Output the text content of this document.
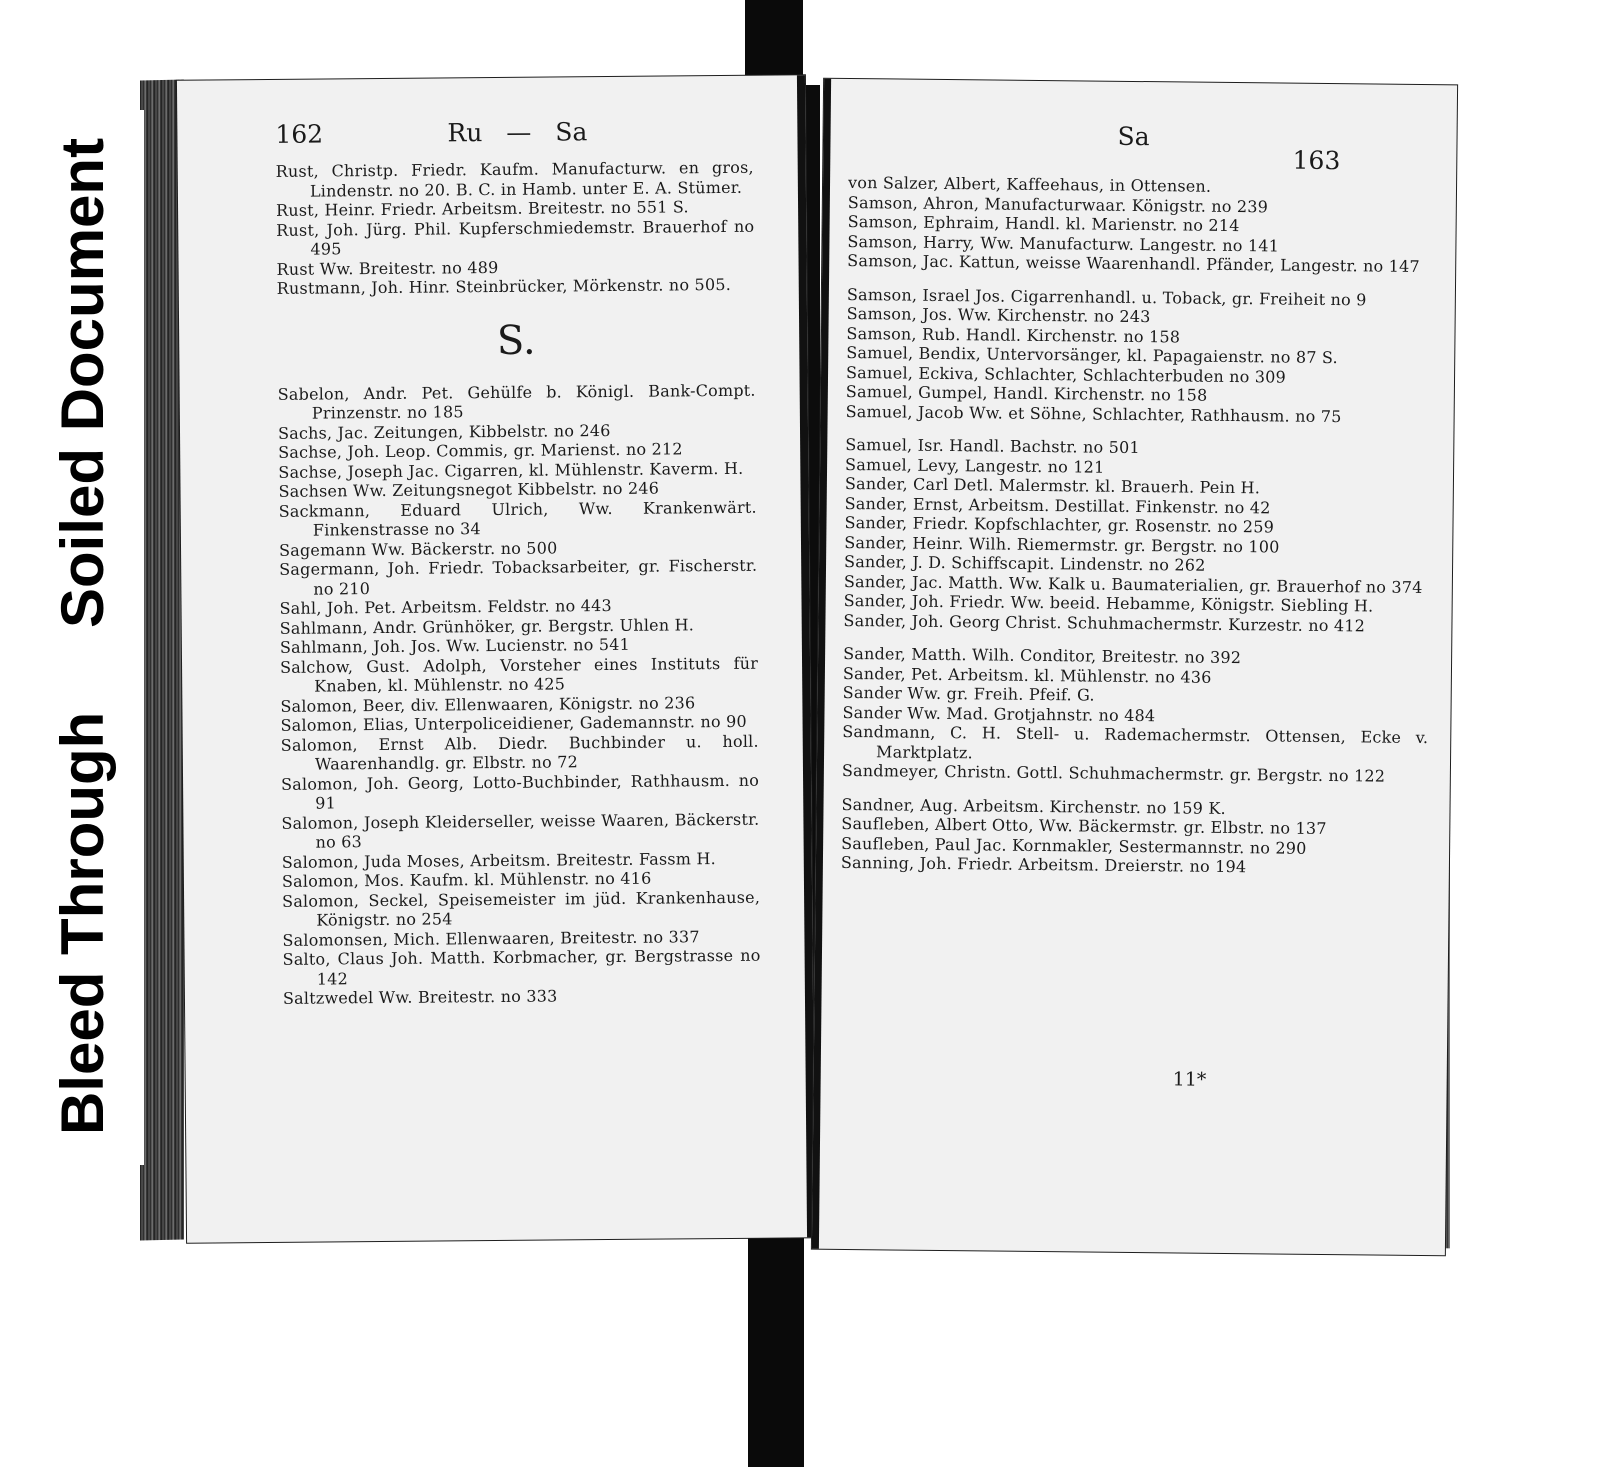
162	Ru — Sa

Rust, Christp. Friedr. Kaufm. Manufacturw. en gros, Lindenstr. no 20. B. C. in Hamb. unter E. A. Stümer.

Rust, Heinr. Friedr. Arbeitsm. Breitestr. no 551 S.

Rust, Joh. Jürg. Phil. Kupferschmiedemstr. Brauerhof no 495

Rust Ww. Breitestr. no 489

Rustmann, Joh. Hinr. Steinbrücker, Mörkenstr. no 505.

S.

Sabelon, Andr. Pet. Gehülfe b. Königl. Bank-Compt. Prinzenstr. no 185

Sachs, Jac. Zeitungen, Kibbelstr. no 246

Sachse, Joh. Leop. Commis, gr. Marienst. no 212

Sachse, Joseph Jac. Cigarren, kl. Mühlenstr. Kaverm. H.

Sachsen Ww. Zeitungsnegot Kibbelstr. no 246

Sackmann, Eduard Ulrich, Ww. Krankenwärt. Finkenstrasse no 34

Sagemann Ww. Bäckerstr. no 500

Sagermann, Joh. Friedr. Tobacksarbeiter, gr. Fischerstr. no 210

Sahl, Joh. Pet. Arbeitsm. Feldstr. no 443

Sahlmann, Andr. Grünhöker, gr. Bergstr. Uhlen H.

Sahlmann, Joh. Jos. Ww. Lucienstr. no 541

Salchow, Gust. Adolph, Vorsteher eines Instituts für Knaben, kl. Mühlenstr. no 425

Salomon, Beer, div. Ellenwaaren, Königstr. no 236

Salomon, Elias, Unterpoliceidiener, Gademannstr. no 90

Salomon, Ernst Alb. Diedr. Buchbinder u. holl. Waarenhandlg. gr. Elbstr. no 72

Salomon, Joh. Georg, Lotto-Buchbinder, Rathhausm. no 91

Salomon, Joseph Kleiderseller, weisse Waaren, Bäckerstr. no 63

Salomon, Juda Moses, Arbeitsm. Breitestr. Fassm H.

Salomon, Mos. Kaufm. kl. Mühlenstr. no 416

Salomon, Seckel, Speisemeister im jüd. Krankenhause, Königstr. no 254

Salomonsen, Mich. Ellenwaaren, Breitestr. no 337

Salto, Claus Joh. Matth. Korbmacher, gr. Bergstrasse no 142

Saltzwedel Ww. Breitestr. no 333

Sa
163

von Salzer, Albert, Kaffeehaus, in Ottensen.

Samson, Ahron, Manufacturwaar. Königstr. no 239

Samson, Ephraim, Handl. kl. Marienstr. no 214

Samson, Harry, Ww. Manufacturw. Langestr. no 141

Samson, Jac. Kattun, weisse Waarenhandl. Pfänder, Langestr. no 147

Samson, Israel Jos. Cigarrenhandl. u. Toback, gr. Freiheit no 9

Samson, Jos. Ww. Kirchenstr. no 243

Samson, Rub. Handl. Kirchenstr. no 158

Samuel, Bendix, Untervorsänger, kl. Papagaienstr. no 87 S.

Samuel, Eckiva, Schlachter, Schlachterbuden no 309

Samuel, Gumpel, Handl. Kirchenstr. no 158

Samuel, Jacob Ww. et Söhne, Schlachter, Rathhausm. no 75

Samuel, Isr. Handl. Bachstr. no 501

Samuel, Levy, Langestr. no 121

Sander, Carl Detl. Malermstr. kl. Brauerh. Pein H.

Sander, Ernst, Arbeitsm. Destillat. Finkenstr. no 42

Sander, Friedr. Kopfschlachter, gr. Rosenstr. no 259

Sander, Heinr. Wilh. Riemermstr. gr. Bergstr. no 100

Sander, J. D. Schiffscapit. Lindenstr. no 262

Sander, Jac. Matth. Ww. Kalk u. Baumaterialien, gr. Brauerhof no 374

Sander, Joh. Friedr. Ww. beeid. Hebamme, Königstr. Siebling H.

Sander, Joh. Georg Christ. Schuhmachermstr. Kurzestr. no 412

Sander, Matth. Wilh. Conditor, Breitestr. no 392

Sander, Pet. Arbeitsm. kl. Mühlenstr. no 436

Sander Ww. gr. Freih. Pfeif. G.

Sander Ww. Mad. Grotjahnstr. no 484

Sandmann, C. H. Stell- u. Rademachermstr. Ottensen, Ecke v. Marktplatz.

Sandmeyer, Christn. Gottl. Schuhmachermstr. gr. Bergstr. no 122

Sandner, Aug. Arbeitsm. Kirchenstr. no 159 K.

Saufleben, Albert Otto, Ww. Bäckermstr. gr. Elbstr. no 137

Saufleben, Paul Jac. Kornmakler, Sestermannstr. no 290

Sanning, Joh. Friedr. Arbeitsm. Dreierstr. no 194

11*
Bleed Through
Soiled Document
